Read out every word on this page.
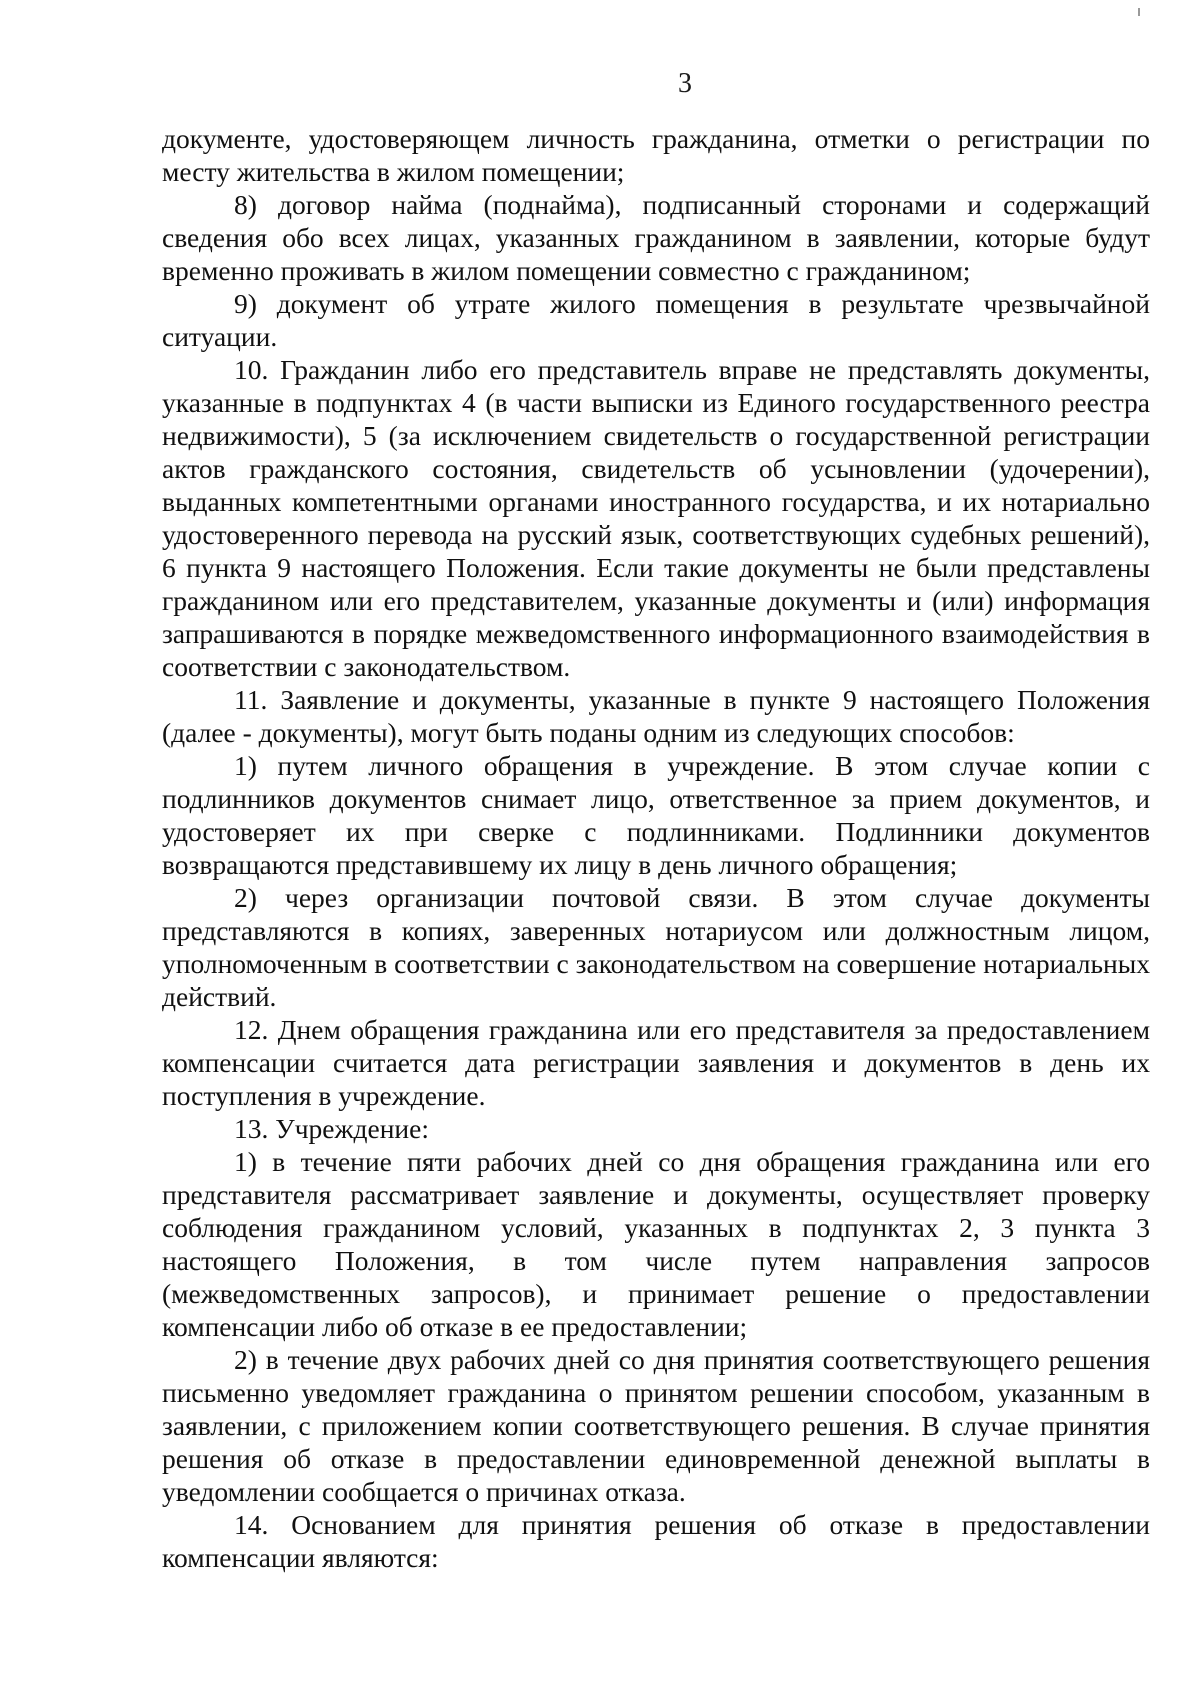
3

документе, удостоверяющем личность гражданина, отметки о регистрации по месту жительства в жилом помещении;

8) договор найма (поднайма), подписанный сторонами и содержащий сведения обо всех лицах, указанных гражданином в заявлении, которые будут временно проживать в жилом помещении совместно с гражданином;

9) документ об утрате жилого помещения в результате чрезвычайной ситуации.

10. Гражданин либо его представитель вправе не представлять документы, указанные в подпунктах 4 (в части выписки из Единого государственного реестра недвижимости), 5 (за исключением свидетельств о государственной регистрации актов гражданского состояния, свидетельств об усыновлении (удочерении), выданных компетентными органами иностранного государства, и их нотариально удостоверенного перевода на русский язык, соответствующих судебных решений), 6 пункта 9 настоящего Положения. Если такие документы не были представлены гражданином или его представителем, указанные документы и (или) информация запрашиваются в порядке межведомственного информационного взаимодействия в соответствии с законодательством.

11. Заявление и документы, указанные в пункте 9 настоящего Положения (далее - документы), могут быть поданы одним из следующих способов:

1) путем личного обращения в учреждение. В этом случае копии с подлинников документов снимает лицо, ответственное за прием документов, и удостоверяет их при сверке с подлинниками. Подлинники документов возвращаются представившему их лицу в день личного обращения;

2) через организации почтовой связи. В этом случае документы представляются в копиях, заверенных нотариусом или должностным лицом, уполномоченным в соответствии с законодательством на совершение нотариальных действий.

12. Днем обращения гражданина или его представителя за предоставлением компенсации считается дата регистрации заявления и документов в день их поступления в учреждение.

13. Учреждение:

1) в течение пяти рабочих дней со дня обращения гражданина или его представителя рассматривает заявление и документы, осуществляет проверку соблюдения гражданином условий, указанных в подпунктах 2, 3 пункта 3 настоящего Положения, в том числе путем направления запросов (межведомственных запросов), и принимает решение о предоставлении компенсации либо об отказе в ее предоставлении;

2) в течение двух рабочих дней со дня принятия соответствующего решения письменно уведомляет гражданина о принятом решении способом, указанным в заявлении, с приложением копии соответствующего решения. В случае принятия решения об отказе в предоставлении единовременной денежной выплаты в уведомлении сообщается о причинах отказа.

14. Основанием для принятия решения об отказе в предоставлении компенсации являются:
